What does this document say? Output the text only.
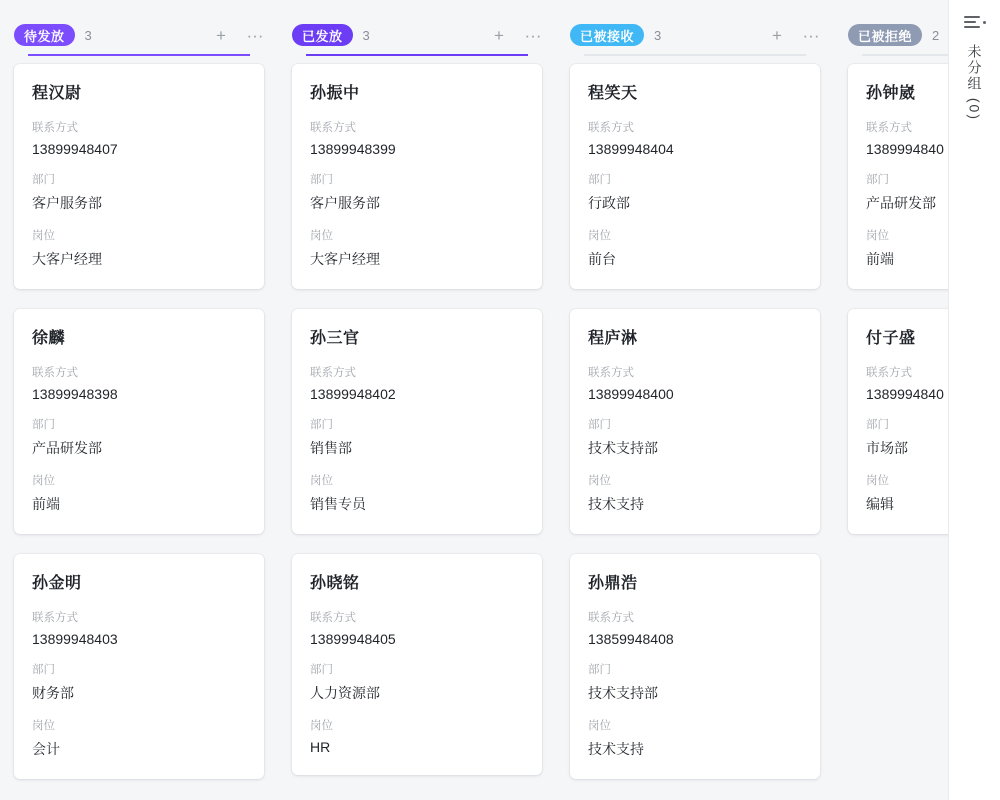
待发放	3	+ ···
程汉尉
联系方式
13899948407
部门
客户服务部
岗位
大客户经理
徐麟
联系方式
13899948398
部门
产品研发部
岗位
前端
孙金明
联系方式
13899948403
部门
财务部
岗位
会计
已发放	3	+ ···
孙振中
联系方式
13899948399
部门
客户服务部
岗位
大客户经理
孙三官
联系方式
13899948402
部门
销售部
岗位
销售专员
孙晓铭
联系方式
13899948405
部门
人力资源部
岗位
HR
已被接收	3	+ ···
程笑天
联系方式
13899948404
部门
行政部
岗位
前台
程庐淋
联系方式
13899948400
部门
技术支持部
岗位
技术支持
孙鼎浩
联系方式
13859948408
部门
技术支持部
岗位
技术支持
已被拒绝	2
孙钟崴
联系方式
1389994840
部门
产品研发部
岗位
前端
付子盛
联系方式
1389994840
部门
市场部
岗位
编辑
未分组 (0)
